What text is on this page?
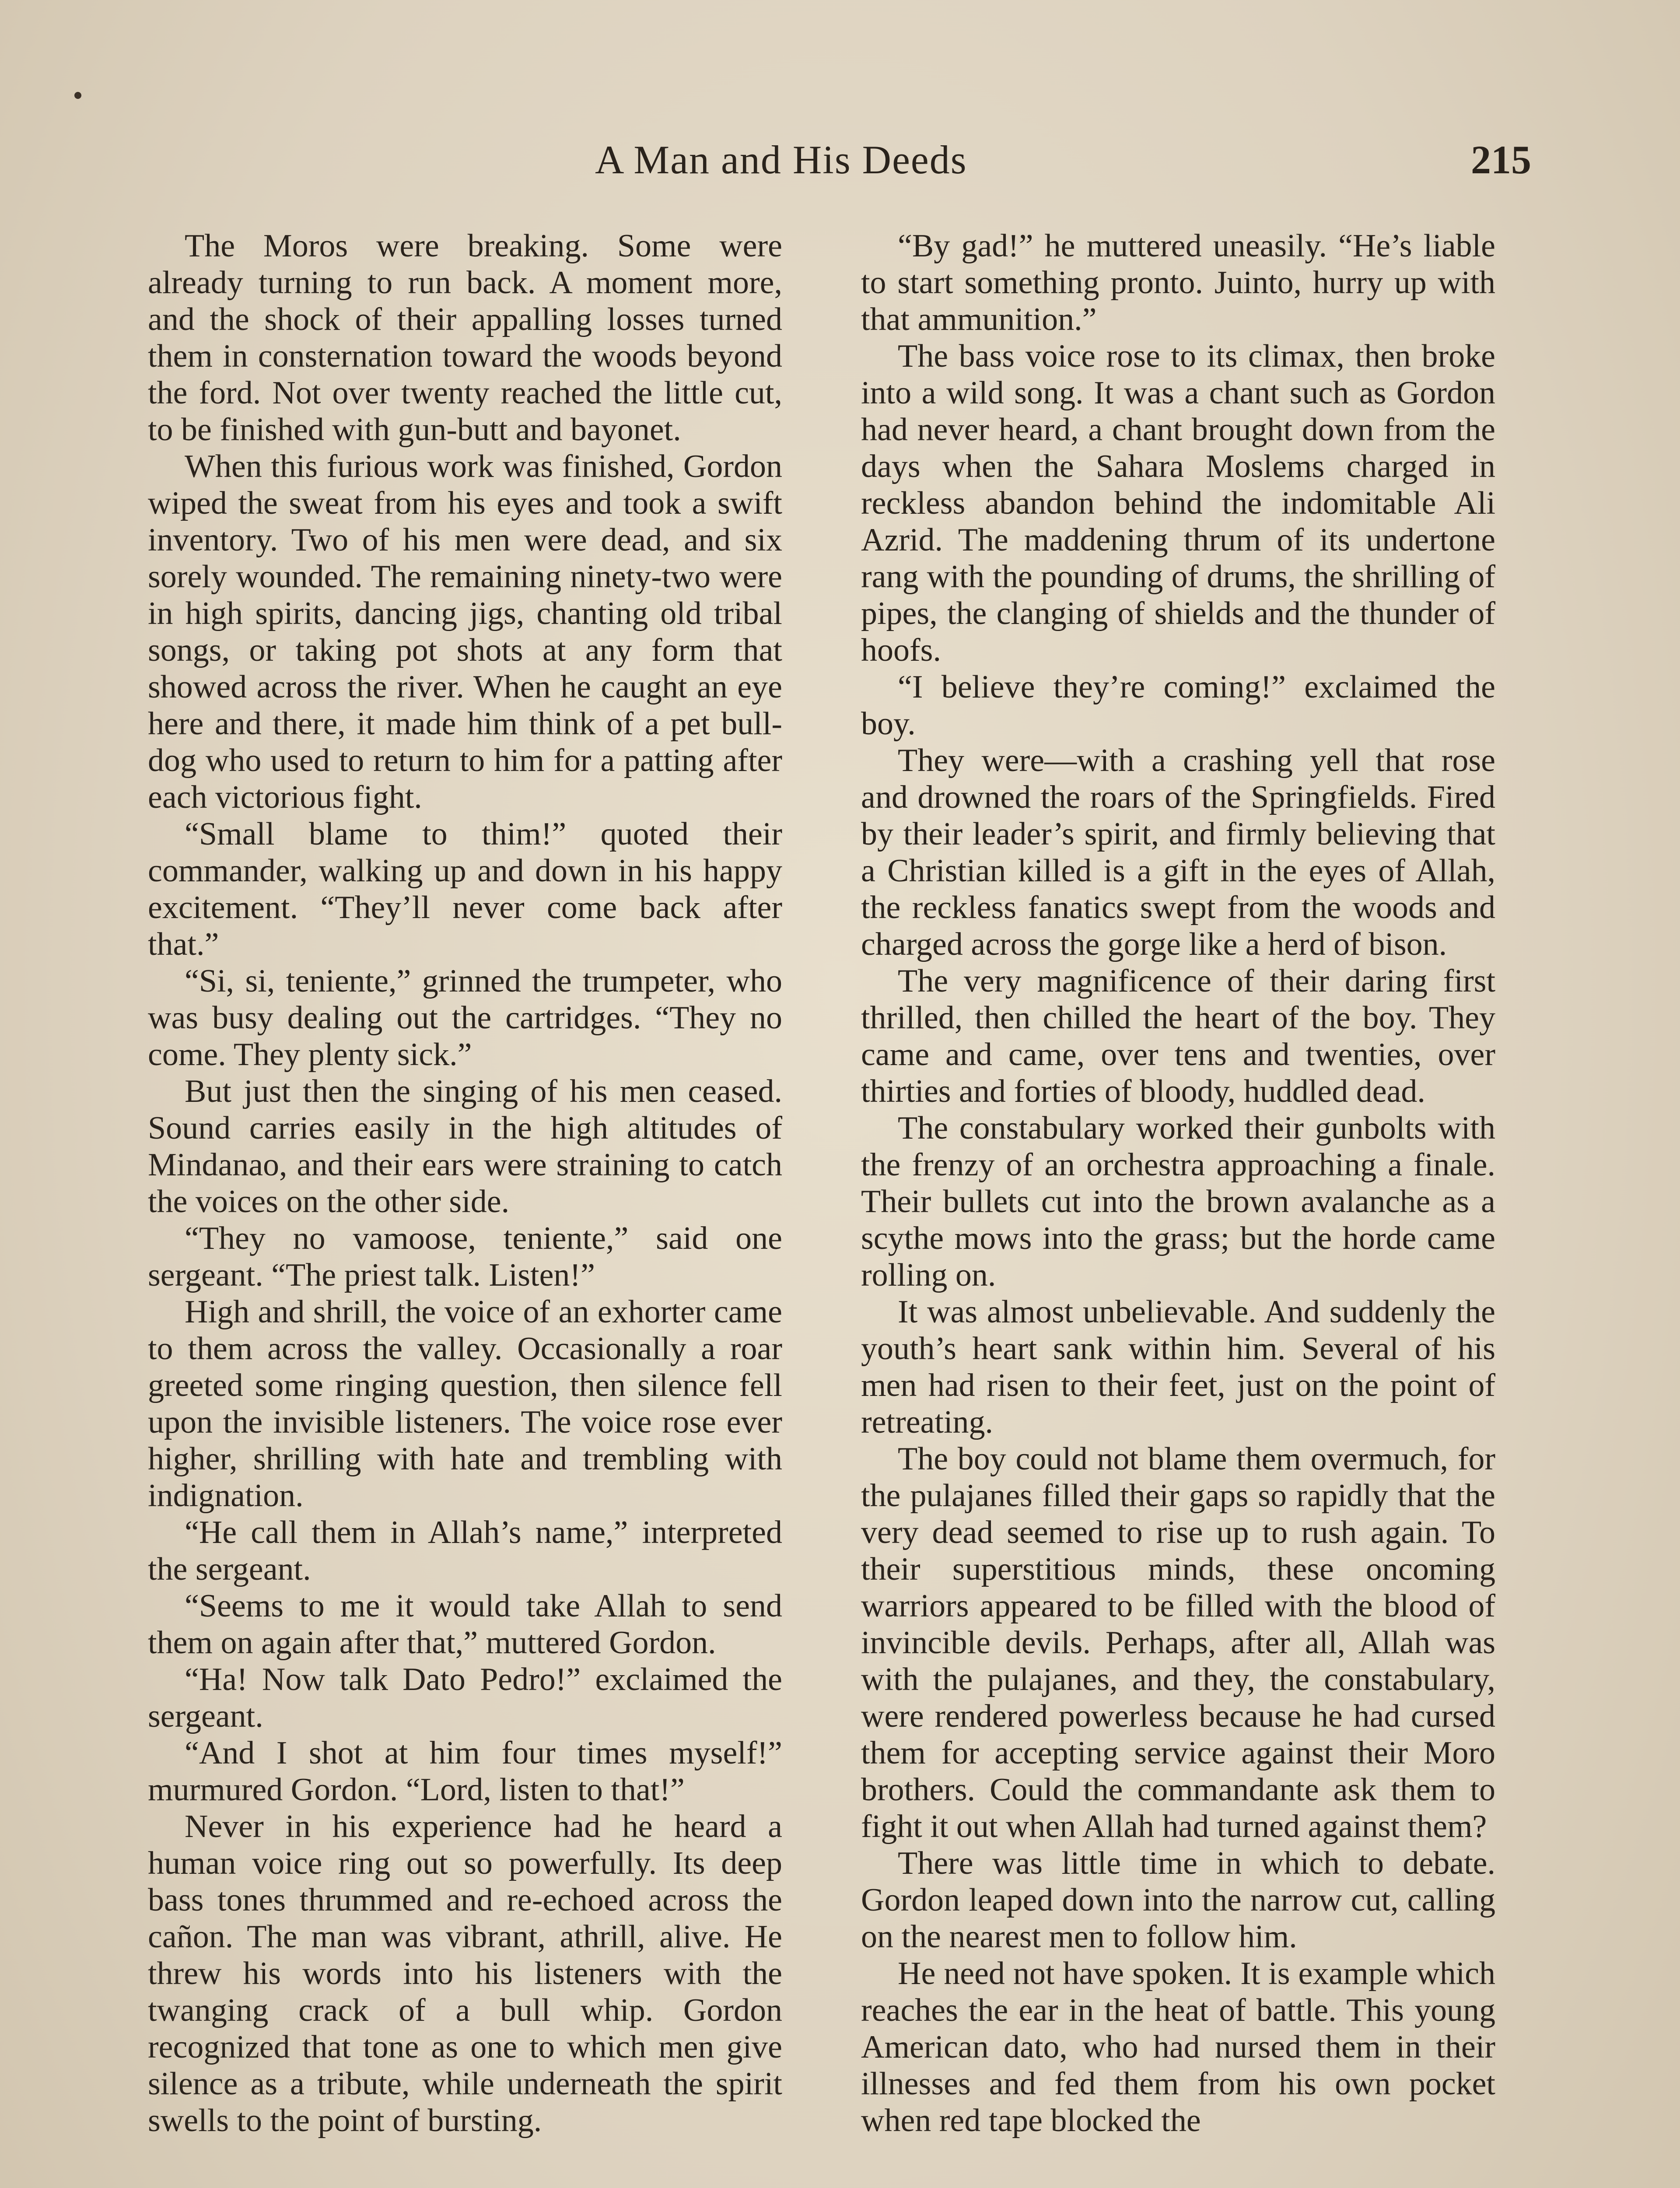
A Man and His Deeds	215

The Moros were breaking. Some were already turning to run back. A moment more, and the shock of their appalling losses turned them in consternation toward the woods beyond the ford. Not over twenty reached the little cut, to be finished with gun-butt and bayonet.

When this furious work was finished, Gordon wiped the sweat from his eyes and took a swift inventory. Two of his men were dead, and six sorely wounded. The remaining ninety-two were in high spirits, dancing jigs, chanting old tribal songs, or taking pot shots at any form that showed across the river. When he caught an eye here and there, it made him think of a pet bull-dog who used to return to him for a patting after each victorious fight.

“Small blame to thim!” quoted their commander, walking up and down in his happy excitement. “They’ll never come back after that.”

“Si, si, teniente,” grinned the trumpeter, who was busy dealing out the cartridges. “They no come. They plenty sick.”

But just then the singing of his men ceased. Sound carries easily in the high altitudes of Mindanao, and their ears were straining to catch the voices on the other side.

“They no vamoose, teniente,” said one sergeant. “The priest talk. Listen!”

High and shrill, the voice of an exhorter came to them across the valley. Occasionally a roar greeted some ringing question, then silence fell upon the invisible listeners. The voice rose ever higher, shrilling with hate and trembling with indignation.

“He call them in Allah’s name,” interpreted the sergeant.

“Seems to me it would take Allah to send them on again after that,” muttered Gordon.

“Ha! Now talk Dato Pedro!” exclaimed the sergeant.

“And I shot at him four times myself!” murmured Gordon. “Lord, listen to that!”

Never in his experience had he heard a human voice ring out so powerfully. Its deep bass tones thrummed and re-echoed across the cañon. The man was vibrant, athrill, alive. He threw his words into his listeners with the twanging crack of a bull whip. Gordon recognized that tone as one to which men give silence as a tribute, while underneath the spirit swells to the point of bursting.

“By gad!” he muttered uneasily. “He’s liable to start something pronto. Juinto, hurry up with that ammunition.”

The bass voice rose to its climax, then broke into a wild song. It was a chant such as Gordon had never heard, a chant brought down from the days when the Sahara Moslems charged in reckless abandon behind the indomitable Ali Azrid. The maddening thrum of its undertone rang with the pounding of drums, the shrilling of pipes, the clanging of shields and the thunder of hoofs.

“I believe they’re coming!” exclaimed the boy.

They were—with a crashing yell that rose and drowned the roars of the Springfields. Fired by their leader’s spirit, and firmly believing that a Christian killed is a gift in the eyes of Allah, the reckless fanatics swept from the woods and charged across the gorge like a herd of bison.

The very magnificence of their daring first thrilled, then chilled the heart of the boy. They came and came, over tens and twenties, over thirties and forties of bloody, huddled dead.

The constabulary worked their gunbolts with the frenzy of an orchestra approaching a finale. Their bullets cut into the brown avalanche as a scythe mows into the grass; but the horde came rolling on.

It was almost unbelievable. And suddenly the youth’s heart sank within him. Several of his men had risen to their feet, just on the point of retreating.

The boy could not blame them overmuch, for the pulajanes filled their gaps so rapidly that the very dead seemed to rise up to rush again. To their superstitious minds, these oncoming warriors appeared to be filled with the blood of invincible devils. Perhaps, after all, Allah was with the pulajanes, and they, the constabulary, were rendered powerless because he had cursed them for accepting service against their Moro brothers. Could the commandante ask them to fight it out when Allah had turned against them?

There was little time in which to debate. Gordon leaped down into the narrow cut, calling on the nearest men to follow him.

He need not have spoken. It is example which reaches the ear in the heat of battle. This young American dato, who had nursed them in their illnesses and fed them from his own pocket when red tape blocked the
